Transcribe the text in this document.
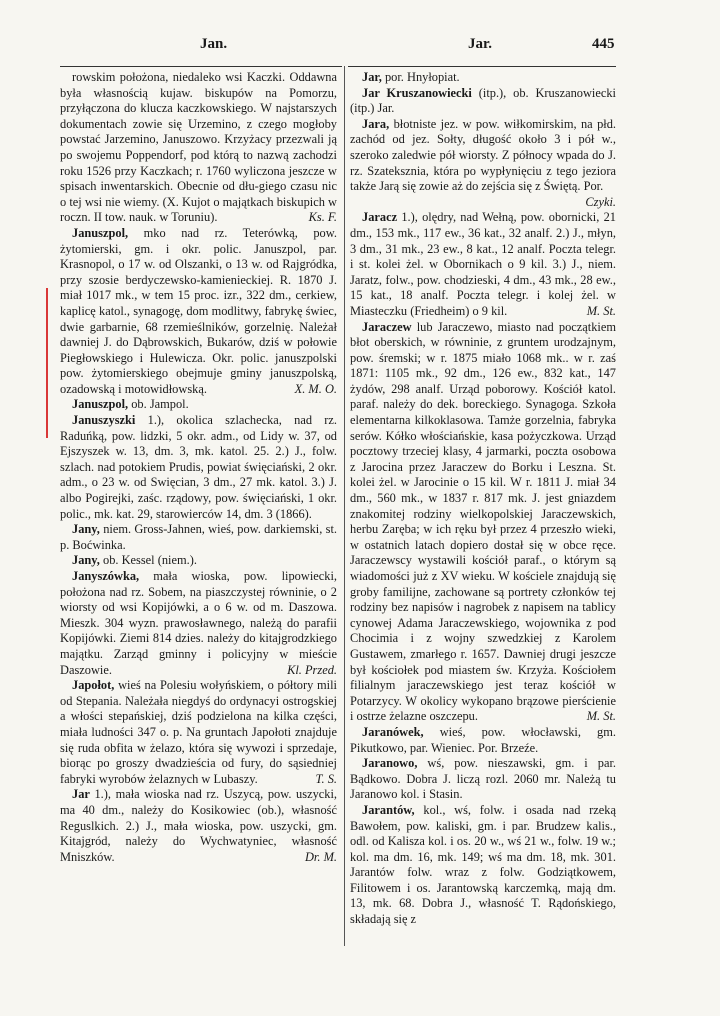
Jan.	Jar.	445

rowskim położona, niedaleko wsi Kaczki. Oddawna była własnością kujaw. biskupów na Pomorzu, przyłączona do klucza kaczkowskiego. W najstarszych dokumentach zowie się Urzemino, z czego mogłoby powstać Jarzemino, Januszowo. Krzyżacy przezwali ją po swojemu Poppendorf, pod którą to nazwą zachodzi roku 1526 przy Kaczkach; r. 1760 wyliczona jeszcze w spisach inwentarskich. Obecnie od dłu-giego czasu nic o tej wsi nie wiemy. (X. Kujot o majątkach biskupich w roczn. II tow. nauk. w Toruniu).	Ks. F.

Januszpol, mko nad rz. Teterówką, pow. żytomierski, gm. i okr. polic. Januszpol, par. Krasnopol, o 17 w. od Olszanki, o 13 w. od Rajgródka, przy szosie berdyczewsko-kamienieckiej. R. 1870 J. miał 1017 mk., w tem 15 proc. izr., 322 dm., cerkiew, kaplicę katol., synagogę, dom modlitwy, fabrykę świec, dwie garbarnie, 68 rzemieślników, gorzelnię. Należał dawniej J. do Dąbrowskich, Bukarów, dziś w połowie Piegłowskiego i Hulewicza. Okr. polic. januszpolski pow. żytomierskiego obejmuje gminy januszpolską, ozadowską i motowidłowską.	X. M. O.

Januszpol, ob. Jampol.

Januszyszki 1.), okolica szlachecka, nad rz. Raduńką, pow. lidzki, 5 okr. adm., od Lidy w. 37, od Ejszyszek w. 13, dm. 3, mk. katol. 25. 2.) J., folw. szlach. nad potokiem Prudis, powiat święciański, 2 okr. adm., o 23 w. od Swięcian, 3 dm., 27 mk. katol. 3.) J. albo Pogirejki, zaśc. rządowy, pow. święciański, 1 okr. polic., mk. kat. 29, starowierców 14, dm. 3 (1866).

Jany, niem. Gross-Jahnen, wieś, pow. darkiemski, st. p. Boćwinka.

Jany, ob. Kessel (niem.).

Janyszówka, mała wioska, pow. lipowiecki, położona nad rz. Sobem, na piaszczystej równinie, o 2 wiorsty od wsi Kopijówki, a o 6 w. od m. Daszowa. Mieszk. 304 wyzn. prawosławnego, należą do parafii Kopijówki. Ziemi 814 dzies. należy do kitajgrodzkiego majątku. Zarząd gminny i policyjny w mieście Daszowie.	Kl. Przed.

Japołot, wieś na Polesiu wołyńskiem, o półtory mili od Stepania. Należała niegdyś do ordynacyi ostrogskiej a włości stepańskiej, dziś podzielona na kilka części, miała ludności 347 o. p. Na gruntach Japołoti znajduje się ruda obfita w żelazo, która się wywozi i sprzedaje, biorąc po groszy dwadzieścia od fury, do sąsiedniej fabryki wyrobów żelaznych w Lubaszy.	T. S.

Jar 1.), mała wioska nad rz. Uszycą, pow. uszycki, ma 40 dm., należy do Kosikowiec (ob.), własność Reguslkich. 2.) J., mała wioska, pow. uszycki, gm. Kitajgród, należy do Wychwatyniec, własność Mniszków.	Dr. M.

Jar, por. Hnyłopiat.

Jar Kruszanowiecki (itp.), ob. Kruszanowiecki (itp.) Jar.

Jara, błotniste jez. w pow. wiłkomirskim, na płd. zachód od jez. Sołty, długość około 3 i pół w., szeroko zaledwie pół wiorsty. Z północy wpada do J. rz. Szateksznia, która po wypłynięciu z tego jeziora także Jarą się zowie aż do zejścia się z Świętą. Por.
Czyki.

Jaracz 1.), olędry, nad Wełną, pow. obornicki, 21 dm., 153 mk., 117 ew., 36 kat., 32 analf. 2.) J., młyn, 3 dm., 31 mk., 23 ew., 8 kat., 12 analf. Poczta telegr. i st. kolei żel. w Obornikach o 9 kil. 3.) J., niem. Jaratz, folw., pow. chodzieski, 4 dm., 43 mk., 28 ew., 15 kat., 18 analf. Poczta telegr. i kolej żel. w Miasteczku (Friedheim) o 9 kil.	M. St.

Jaraczew lub Jaraczewo, miasto nad początkiem błot oberskich, w równinie, z gruntem urodzajnym, pow. śremski; w r. 1875 miało 1068 mk.. w r. zaś 1871: 1105 mk., 92 dm., 126 ew., 832 kat., 147 żydów, 298 analf. Urząd poborowy. Kościół katol. paraf. należy do dek. boreckiego. Synagoga. Szkoła elementarna kilkoklasowa. Tamże gorzelnia, fabryka serów. Kółko włościańskie, kasa pożyczkowa. Urząd pocztowy trzeciej klasy, 4 jarmarki, poczta osobowa z Jarocina przez Jaraczew do Borku i Leszna. St. kolei żel. w Jarocinie o 15 kil. W r. 1811 J. miał 34 dm., 560 mk., w 1837 r. 817 mk. J. jest gniazdem znakomitej rodziny wielkopolskiej Jaraczewskich, herbu Zaręba; w ich ręku był przez 4 przeszło wieki, w ostatnich latach dopiero dostał się w obce ręce. Jaraczewscy wystawili kościół paraf., o którym są wiadomości już z XV wieku. W kościele znajdują się groby familijne, zachowane są portrety członków tej rodziny bez napisów i nagrobek z napisem na tablicy cynowej Adama Jaraczewskiego, wojownika z pod Chocimia i z wojny szwedzkiej z Karolem Gustawem, zmarłego r. 1657. Dawniej drugi jeszcze był kościołek pod miastem św. Krzyża. Kościołem filialnym jaraczewskiego jest teraz kościół w Potarzycy. W okolicy wykopano brązowe pierścienie i ostrze żelazne oszczepu.	M. St.

Jaranówek, wieś, pow. włocławski, gm. Pikutkowo, par. Wieniec. Por. Brzeźe.

Jaranowo, wś, pow. nieszawski, gm. i par. Bądkowo. Dobra J. liczą rozl. 2060 mr. Należą tu Jaranowo kol. i Stasin.

Jarantów, kol., wś, folw. i osada nad rzeką Bawołem, pow. kaliski, gm. i par. Brudzew kalis., odl. od Kalisza kol. i os. 20 w., wś 21 w., folw. 19 w.; kol. ma dm. 16, mk. 149; wś ma dm. 18, mk. 301. Jarantów folw. wraz z folw. Godziątkowem, Filitowem i os. Jarantowską karczemką, mają dm. 13, mk. 68. Dobra J., własność T. Rądońskiego, składają się z
